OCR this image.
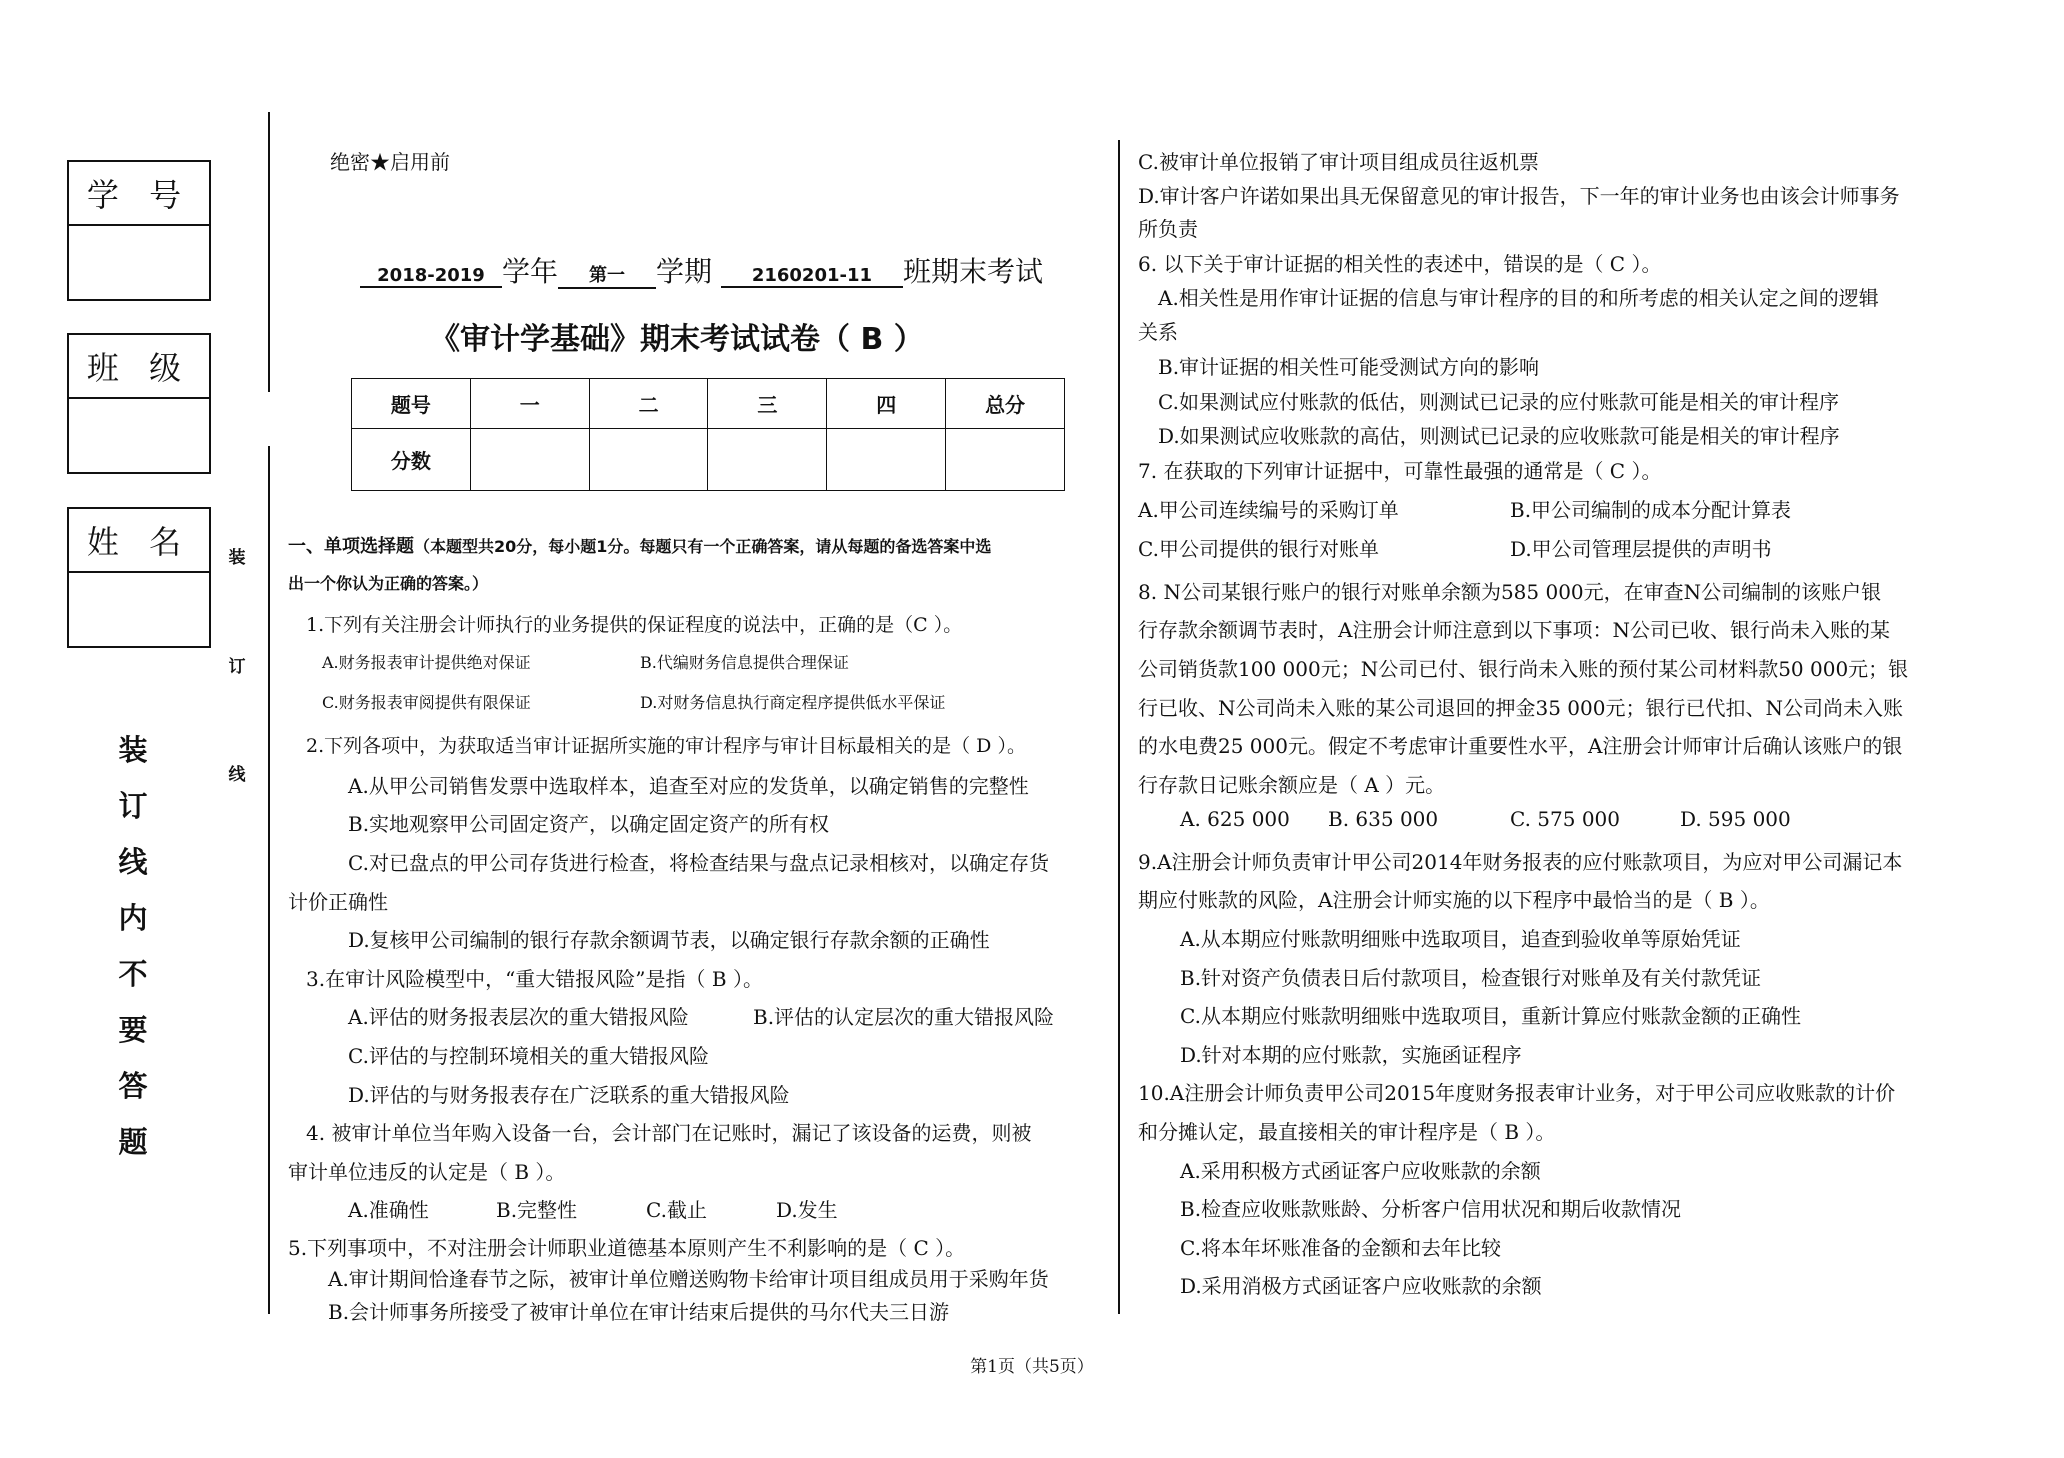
学 号
班 级
姓 名	装
订
线
装
订
线
内
不
要
答
题
绝密★启用前
2018-2019 学年 第一 学期 2160201-11 班期末考试
《审计学基础》期末考试试卷（ B ）
题号	一	二	三	四	总分
分数					
一、单项选择题（本题型共20分，每小题1分。每题只有一个正确答案，请从每题的备选答案中选
出一个你认为正确的答案。）
1.下列有关注册会计师执行的业务提供的保证程度的说法中，正确的是（C ）。
A.财务报表审计提供绝对保证	B.代编财务信息提供合理保证
C.财务报表审阅提供有限保证	D.对财务信息执行商定程序提供低水平保证
2.下列各项中，为获取适当审计证据所实施的审计程序与审计目标最相关的是（ D ）。
A.从甲公司销售发票中选取样本，追查至对应的发货单，以确定销售的完整性
B.实地观察甲公司固定资产，以确定固定资产的所有权
C.对已盘点的甲公司存货进行检查，将检查结果与盘点记录相核对，以确定存货
计价正确性
D.复核甲公司编制的银行存款余额调节表，以确定银行存款余额的正确性
3.在审计风险模型中，“重大错报风险”是指（ B ）。
A.评估的财务报表层次的重大错报风险	B.评估的认定层次的重大错报风险
C.评估的与控制环境相关的重大错报风险
D.评估的与财务报表存在广泛联系的重大错报风险
4. 被审计单位当年购入设备一台，会计部门在记账时，漏记了该设备的运费，则被
审计单位违反的认定是（ B ）。
A.准确性	B.完整性	C.截止	D.发生
5.下列事项中，不对注册会计师职业道德基本原则产生不利影响的是（ C ）。
A.审计期间恰逢春节之际，被审计单位赠送购物卡给审计项目组成员用于采购年货
B.会计师事务所接受了被审计单位在审计结束后提供的马尔代夫三日游
C.被审计单位报销了审计项目组成员往返机票
D.审计客户许诺如果出具无保留意见的审计报告，下一年的审计业务也由该会计师事务
所负责
6. 以下关于审计证据的相关性的表述中，错误的是（ C ）。
A.相关性是用作审计证据的信息与审计程序的目的和所考虑的相关认定之间的逻辑
关系
B.审计证据的相关性可能受测试方向的影响
C.如果测试应付账款的低估，则测试已记录的应付账款可能是相关的审计程序
D.如果测试应收账款的高估，则测试已记录的应收账款可能是相关的审计程序
7. 在获取的下列审计证据中，可靠性最强的通常是（ C ）。
A.甲公司连续编号的采购订单	B.甲公司编制的成本分配计算表
C.甲公司提供的银行对账单	D.甲公司管理层提供的声明书
8. N公司某银行账户的银行对账单余额为585 000元，在审查N公司编制的该账户银
行存款余额调节表时，A注册会计师注意到以下事项：N公司已收、银行尚未入账的某
公司销货款100 000元；N公司已付、银行尚未入账的预付某公司材料款50 000元；银
行已收、N公司尚未入账的某公司退回的押金35 000元；银行已代扣、N公司尚未入账
的水电费25 000元。假定不考虑审计重要性水平，A注册会计师审计后确认该账户的银
行存款日记账余额应是（ A ）元。
A. 625 000 B. 635 000	C. 575 000	D. 595 000
9.A注册会计师负责审计甲公司2014年财务报表的应付账款项目，为应对甲公司漏记本
期应付账款的风险，A注册会计师实施的以下程序中最恰当的是（ B ）。
A.从本期应付账款明细账中选取项目，追查到验收单等原始凭证
B.针对资产负债表日后付款项目，检查银行对账单及有关付款凭证
C.从本期应付账款明细账中选取项目，重新计算应付账款金额的正确性
D.针对本期的应付账款，实施函证程序
10.A注册会计师负责甲公司2015年度财务报表审计业务，对于甲公司应收账款的计价
和分摊认定，最直接相关的审计程序是（ B ）。
A.采用积极方式函证客户应收账款的余额
B.检查应收账款账龄、分析客户信用状况和期后收款情况
C.将本年坏账准备的金额和去年比较
D.采用消极方式函证客户应收账款的余额
第1页（共5页）
